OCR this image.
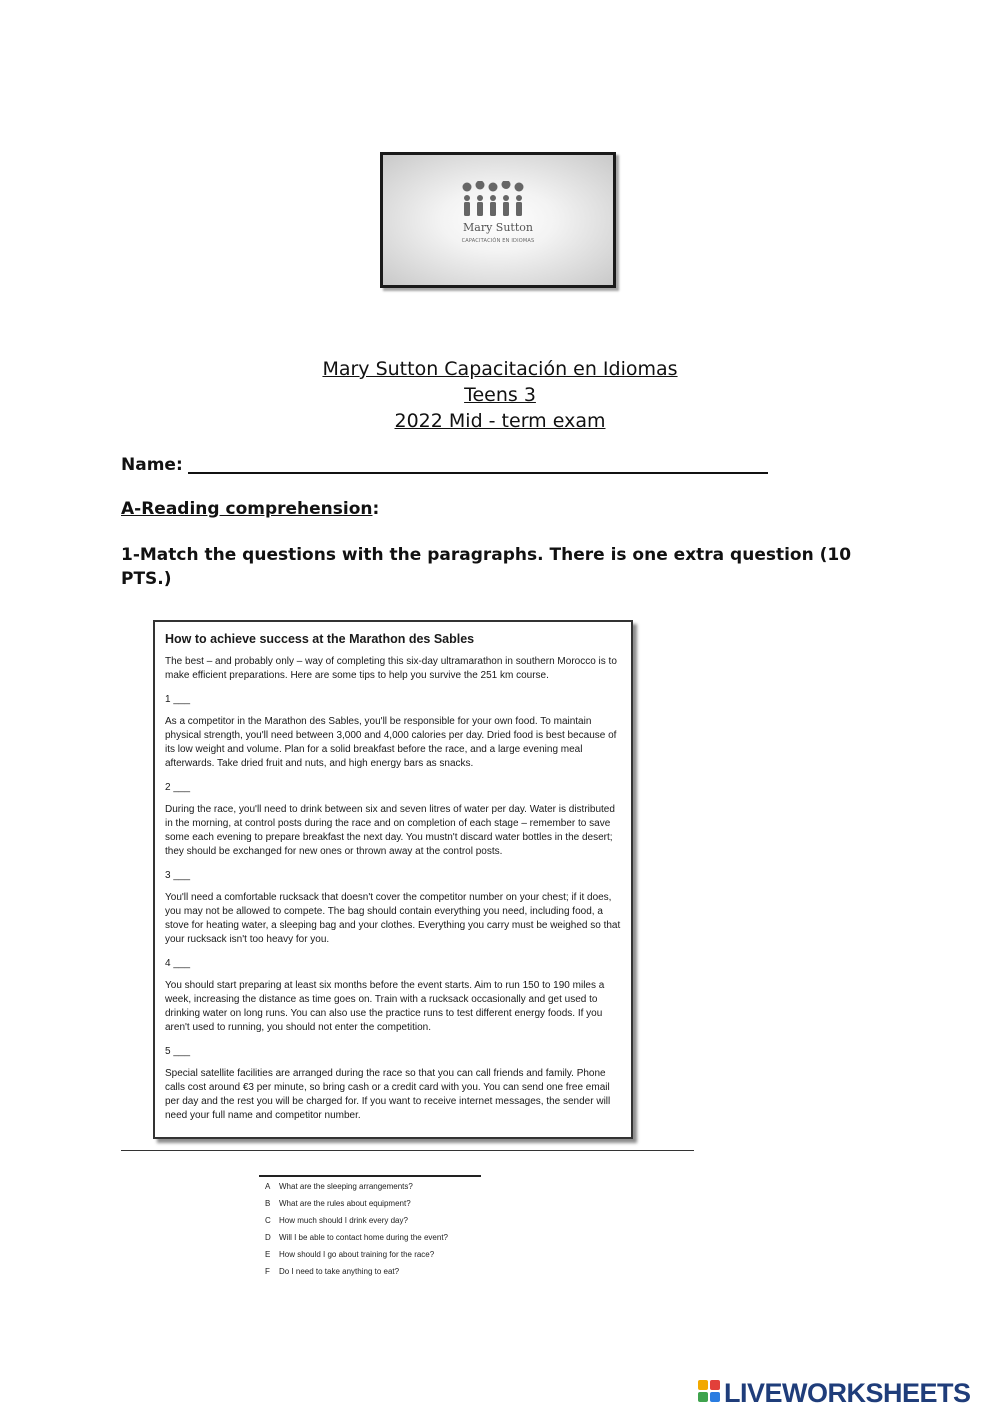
Mary Sutton
CAPACITACIÓN EN IDIOMAS
Mary Sutton Capacitación en Idiomas
Teens 3
2022 Mid - term exam
Name:
A-Reading comprehension:
1-Match the questions with the paragraphs. There is one extra question (10 PTS.)
How to achieve success at the Marathon des Sables
The best – and probably only – way of completing this six-day ultramarathon in southern Morocco is to make efficient preparations. Here are some tips to help you survive the 251 km course.
1 ___
As a competitor in the Marathon des Sables, you'll be responsible for your own food. To maintain physical strength, you'll need between 3,000 and 4,000 calories per day. Dried food is best because of its low weight and volume. Plan for a solid breakfast before the race, and a large evening meal afterwards. Take dried fruit and nuts, and high energy bars as snacks.
2 ___
During the race, you'll need to drink between six and seven litres of water per day. Water is distributed in the morning, at control posts during the race and on completion of each stage – remember to save some each evening to prepare breakfast the next day. You mustn't discard water bottles in the desert; they should be exchanged for new ones or thrown away at the control posts.
3 ___
You'll need a comfortable rucksack that doesn't cover the competitor number on your chest; if it does, you may not be allowed to compete. The bag should contain everything you need, including food, a stove for heating water, a sleeping bag and your clothes. Everything you carry must be weighed so that your rucksack isn't too heavy for you.
4 ___
You should start preparing at least six months before the event starts. Aim to run 150 to 190 miles a week, increasing the distance as time goes on. Train with a rucksack occasionally and get used to drinking water on long runs. You can also use the practice runs to test different energy foods. If you aren't used to running, you should not enter the competition.
5 ___
Special satellite facilities are arranged during the race so that you can call friends and family. Phone calls cost around €3 per minute, so bring cash or a credit card with you. You can send one free email per day and the rest you will be charged for. If you want to receive internet messages, the sender will need your full name and competitor number.
A What are the sleeping arrangements?
B What are the rules about equipment?
C How much should I drink every day?
D Will I be able to contact home during the event?
E How should I go about training for the race?
F Do I need to take anything to eat?
LIVEWORKSHEETS
